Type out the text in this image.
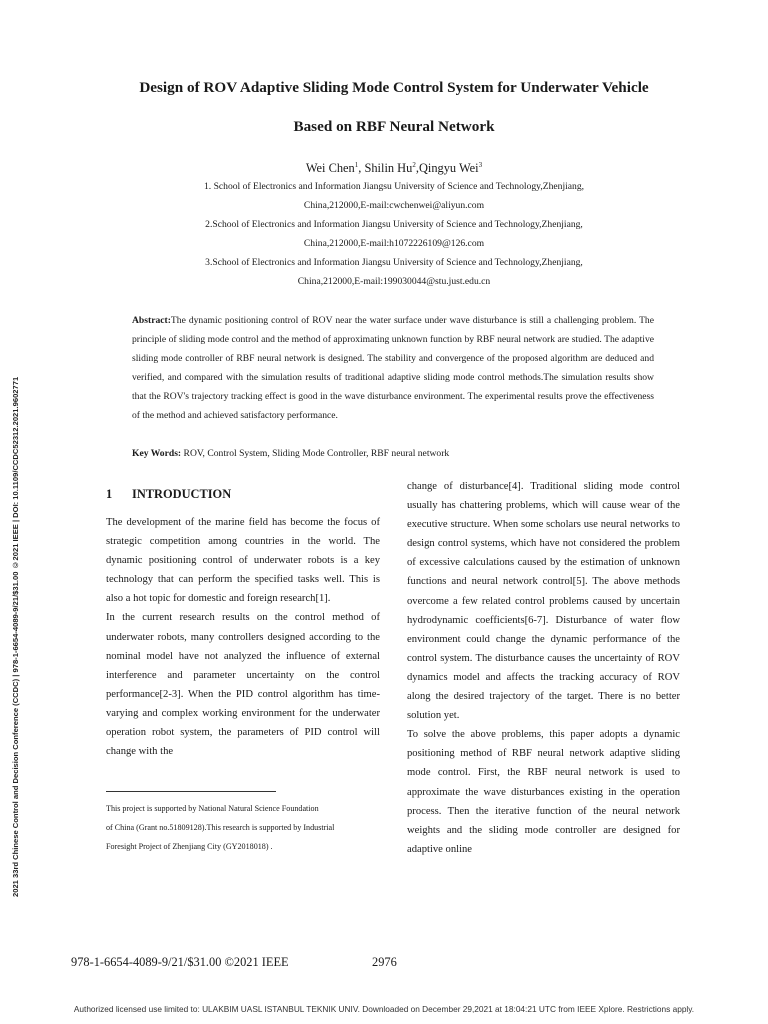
2021 33rd Chinese Control and Decision Conference (CCDC) | 978-1-6654-4089-9/21/$31.00 ©2021 IEEE | DOI: 10.1109/CCDC52312.2021.9602771
Design of ROV Adaptive Sliding Mode Control System for Underwater Vehicle
Based on RBF Neural Network
Wei Chen$^1$, Shilin Hu$^2$,Qingyu Wei$^3$
1. School of Electronics and Information Jiangsu University of Science and Technology,Zhenjiang,
China,212000,E-mail:cwchenwei@aliyun.com
2.School of Electronics and Information Jiangsu University of Science and Technology,Zhenjiang,
China,212000,E-mail:h1072226109@126.com
3.School of Electronics and Information Jiangsu University of Science and Technology,Zhenjiang,
China,212000,E-mail:199030044@stu.just.edu.cn
Abstract:The dynamic positioning control of ROV near the water surface under wave disturbance is still a challenging problem. The principle of sliding mode control and the method of approximating unknown function by RBF neural network are studied. The adaptive sliding mode controller of RBF neural network is designed. The stability and convergence of the proposed algorithm are deduced and verified, and compared with the simulation results of traditional adaptive sliding mode control methods.The simulation results show that the ROV's trajectory tracking effect is good in the wave disturbance environment. The experimental results prove the effectiveness of the method and achieved satisfactory performance.
Key Words: ROV, Control System, Sliding Mode Controller, RBF neural network
1 INTRODUCTION

The development of the marine field has become the focus of strategic competition among countries in the world. The dynamic positioning control of underwater robots is a key technology that can perform the specified tasks well. This is also a hot topic for domestic and foreign research[1].

In the current research results on the control method of underwater robots, many controllers designed according to the nominal model have not analyzed the influence of external interference and parameter uncertainty on the control performance[2-3]. When the PID control algorithm has time-varying and complex working environment for the underwater operation robot system, the parameters of PID control will change with the

change of disturbance[4]. Traditional sliding mode control usually has chattering problems, which will cause wear of the executive structure. When some scholars use neural networks to design control systems, which have not considered the problem of excessive calculations caused by the estimation of unknown functions and neural network control[5]. The above methods overcome a few related control problems caused by uncertain hydrodynamic coefficients[6-7]. Disturbance of water flow environment could change the dynamic performance of the control system. The disturbance causes the uncertainty of ROV dynamics model and affects the tracking accuracy of ROV along the desired trajectory of the target. There is no better solution yet.

To solve the above problems, this paper adopts a dynamic positioning method of RBF neural network adaptive sliding mode control. First, the RBF neural network is used to approximate the wave disturbances existing in the operation process. Then the iterative function of the neural network weights and the sliding mode controller are designed for adaptive online

This project is supported by National Natural Science Foundation
of China (Grant no.51809128).This research is supported by Industrial
Foresight Project of Zhenjiang City (GY2018018) .
978-1-6654-4089-9/21/$31.00 ©2021 IEEE	2976
Authorized licensed use limited to: ULAKBIM UASL ISTANBUL TEKNIK UNIV. Downloaded on December 29,2021 at 18:04:21 UTC from IEEE Xplore. Restrictions apply.
